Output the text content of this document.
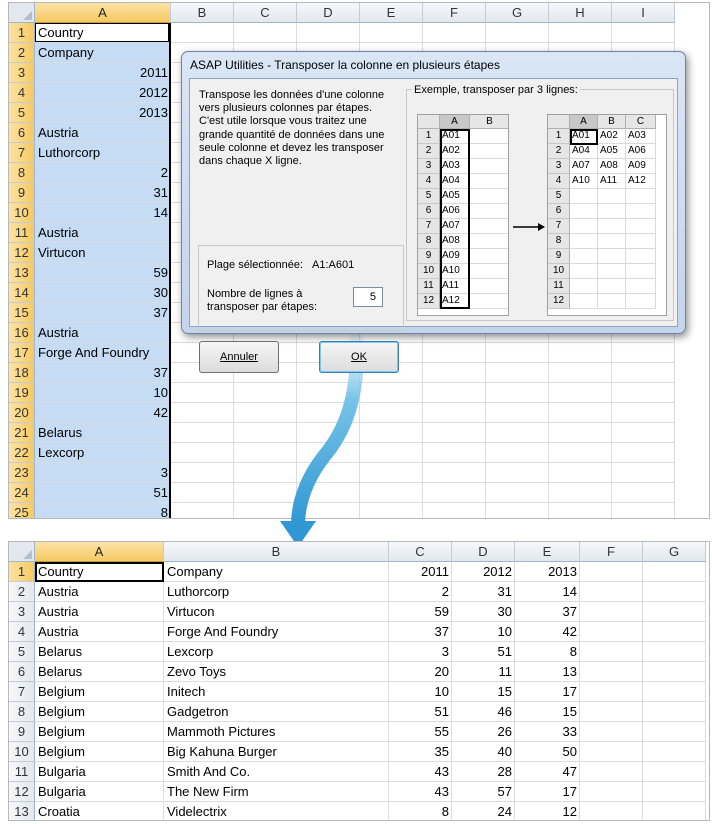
A	B	C	D	E	F	G	H	I
1 Country
2 Company
3	2011
4	2012
5	2013
6 Austria
7 Luthorcorp
8	2
9	31
10	14
11 Austria
12 Virtucon
13	59
14	30
15	37
16 Austria
17 Forge And Foundry
18	37
19	10
20	42
21 Belarus
22 Lexcorp
23	3
24	51
25	8
A	B	C	D	E	F	G
1 Country	Company	2011	2012	2013
2 Austria	Luthorcorp	2	31	14
3 Austria	Virtucon	59	30	37
4 Austria	Forge And Foundry	37	10	42
5 Belarus	Lexcorp	3	51	8
6 Belarus	Zevo Toys	20	11	13
7 Belgium	Initech	10	15	17
8 Belgium	Gadgetron	51	46	15
9 Belgium	Mammoth Pictures	55	26	33
10 Belgium	Big Kahuna Burger	35	40	50
11 Bulgaria	Smith And Co.	43	28	47
12 Bulgaria	The New Firm	43	57	17
13 Croatia	Videlectrix	8	24	12
ASAP Utilities - Transposer la colonne en plusieurs étapes
Transpose les données d'une colonne
vers plusieurs colonnes par étapes.
C'est utile lorsque vous traitez une
grande quantité de données dans une
seule colonne et devez les transposer
dans chaque X ligne.
Plage sélectionnée: A1:A601
Nombre de lignes à
transposer par étapes:
5
Annuler	OK
Exemple, transposer par 3 lignes:
A	B
1	A01
2	A02
3	A03
4	A04
5	A05
6	A06
7	A07
8	A08
9	A09
10 A10
11 A11
12 A12
A	B	C
1	A01	A02	A03
2	A04	A05	A06
3	A07	A08	A09
4	A10	A11	A12
5
6
7
8
9
10
11
12
